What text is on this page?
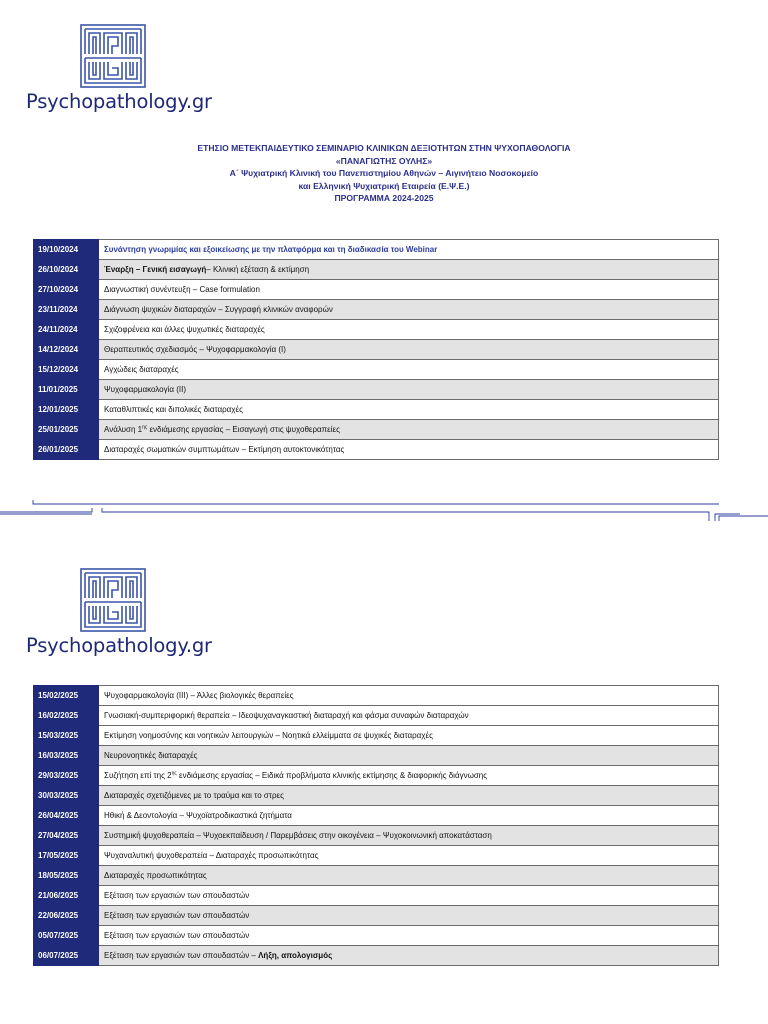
Psychopathology.gr
ΕΤΗΣΙΟ ΜΕΤΕΚΠΑΙΔΕΥΤΙΚΟ ΣΕΜΙΝΑΡΙΟ ΚΛΙΝΙΚΩΝ ΔΕΞΙΟΤΗΤΩΝ ΣΤΗΝ ΨΥΧΟΠΑΘΟΛΟΓΙΑ
«ΠΑΝΑΓΙΩΤΗΣ ΟΥΛΗΣ»
Α΄ Ψυχιατρική Κλινική του Πανεπιστημίου Αθηνών – Αιγινήτειο Νοσοκομείο
και Ελληνική Ψυχιατρική Εταιρεία (Ε.Ψ.Ε.)
ΠΡΟΓΡΑΜΜΑ 2024-2025
19/10/2024	Συνάντηση γνωριμίας και εξοικείωσης με την πλατφόρμα και τη διαδικασία του Webinar
26/10/2024	Έναρξη – Γενική εισαγωγή– Κλινική εξέταση & εκτίμηση
27/10/2024	Διαγνωστική συνέντευξη – Case formulation
23/11/2024	Διάγνωση ψυχικών διαταραχών – Συγγραφή κλινικών αναφορών
24/11/2024	Σχιζοφρένεια και άλλες ψυχωτικές διαταραχές
14/12/2024	Θεραπευτικός σχεδιασμός – Ψυχοφαρμακολογία (Ι)
15/12/2024	Αγχώδεις διαταραχές
11/01/2025	Ψυχοφαρμακολογία (ΙΙ)
12/01/2025	Καταθλιπτικές και διπολικές διαταραχές
25/01/2025	Ανάλυση $1^{\eta\varsigma}$ ενδιάμεσης εργασίας – Εισαγωγή στις ψυχοθεραπείες
26/01/2025	Διαταραχές σωματικών συμπτωμάτων – Εκτίμηση αυτοκτονικότητας
Psychopathology.gr
15/02/2025	Ψυχοφαρμακολογία (ΙΙΙ) – Άλλες βιολογικές θεραπείες
16/02/2025	Γνωσιακή-συμπεριφορική θεραπεία – Ιδεοψυχαναγκαστική διαταραχή και φάσμα συναφών διαταραχών
15/03/2025	Εκτίμηση νοημοσύνης και νοητικών λειτουργιών – Νοητικά ελλείμματα σε ψυχικές διαταραχές
16/03/2025	Νευρονοητικές διαταραχές
29/03/2025	Συζήτηση επί της $2^{\eta\varsigma}$ ενδιάμεσης εργασίας – Ειδικά προβλήματα κλινικής εκτίμησης & διαφορικής διάγνωσης
30/03/2025	Διαταραχές σχετιζόμενες με το τραύμα και το στρες
26/04/2025	Ηθική & Δεοντολογία – Ψυχοϊατροδικαστικά ζητήματα
27/04/2025	Συστημική ψυχοθεραπεία – Ψυχοεκπαίδευση / Παρεμβάσεις στην οικογένεια – Ψυχοκοινωνική αποκατάσταση
17/05/2025	Ψυχαναλυτική ψυχοθεραπεία – Διαταραχές προσωπικότητας
18/05/2025	Διαταραχές προσωπικότητας
21/06/2025	Εξέταση των εργασιών των σπουδαστών
22/06/2025	Εξέταση των εργασιών των σπουδαστών
05/07/2025	Εξέταση των εργασιών των σπουδαστών
06/07/2025	Εξέταση των εργασιών των σπουδαστών – Λήξη, απολογισμός
